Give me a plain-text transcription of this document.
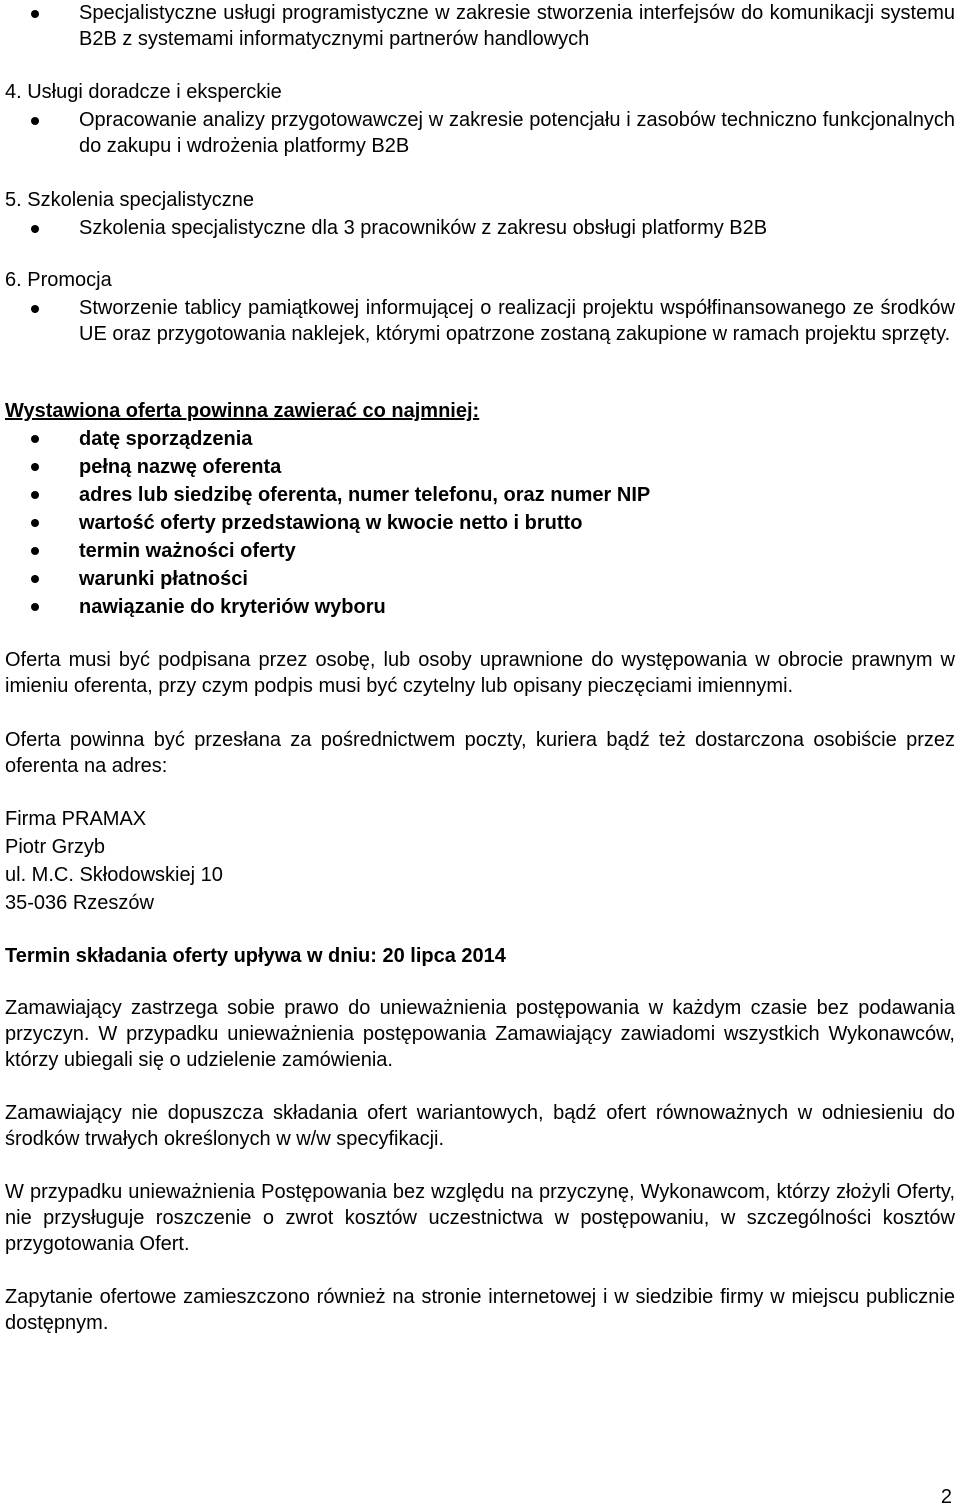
Specjalistyczne usługi programistyczne w zakresie stworzenia interfejsów do komunikacji systemu B2B z systemami informatycznymi partnerów handlowych
4. Usługi doradcze i eksperckie
Opracowanie analizy przygotowawczej w zakresie potencjału i zasobów techniczno funkcjonalnych do zakupu i wdrożenia platformy B2B
5. Szkolenia specjalistyczne
Szkolenia specjalistyczne dla 3 pracowników z zakresu obsługi platformy B2B
6. Promocja
Stworzenie tablicy pamiątkowej informującej o realizacji projektu współfinansowanego ze środków UE oraz przygotowania naklejek, którymi opatrzone zostaną zakupione w ramach projektu sprzęty.
Wystawiona oferta powinna zawierać co najmniej:
datę sporządzenia
pełną nazwę oferenta
adres lub siedzibę oferenta, numer telefonu, oraz numer NIP
wartość oferty przedstawioną w kwocie netto i brutto
termin ważności oferty
warunki płatności
nawiązanie do kryteriów wyboru
Oferta musi być podpisana przez osobę, lub osoby uprawnione do występowania w obrocie prawnym w imieniu oferenta, przy czym podpis musi być czytelny lub opisany pieczęciami imiennymi.
Oferta powinna być przesłana za pośrednictwem poczty, kuriera bądź też dostarczona osobiście przez oferenta na adres:
Firma PRAMAX
Piotr Grzyb
ul. M.C. Skłodowskiej 10
35-036 Rzeszów
Termin składania oferty upływa w dniu: 20 lipca 2014
Zamawiający zastrzega sobie prawo do unieważnienia postępowania w każdym czasie bez podawania przyczyn. W przypadku unieważnienia postępowania Zamawiający zawiadomi wszystkich Wykonawców, którzy ubiegali się o udzielenie zamówienia.
Zamawiający nie dopuszcza składania ofert wariantowych, bądź ofert równoważnych w odniesieniu do środków trwałych określonych w w/w specyfikacji.
W przypadku unieważnienia Postępowania bez względu na przyczynę, Wykonawcom, którzy złożyli Oferty, nie przysługuje roszczenie o zwrot kosztów uczestnictwa w postępowaniu, w szczególności kosztów przygotowania Ofert.
Zapytanie ofertowe zamieszczono również na stronie internetowej i w siedzibie firmy w miejscu publicznie dostępnym.
2
